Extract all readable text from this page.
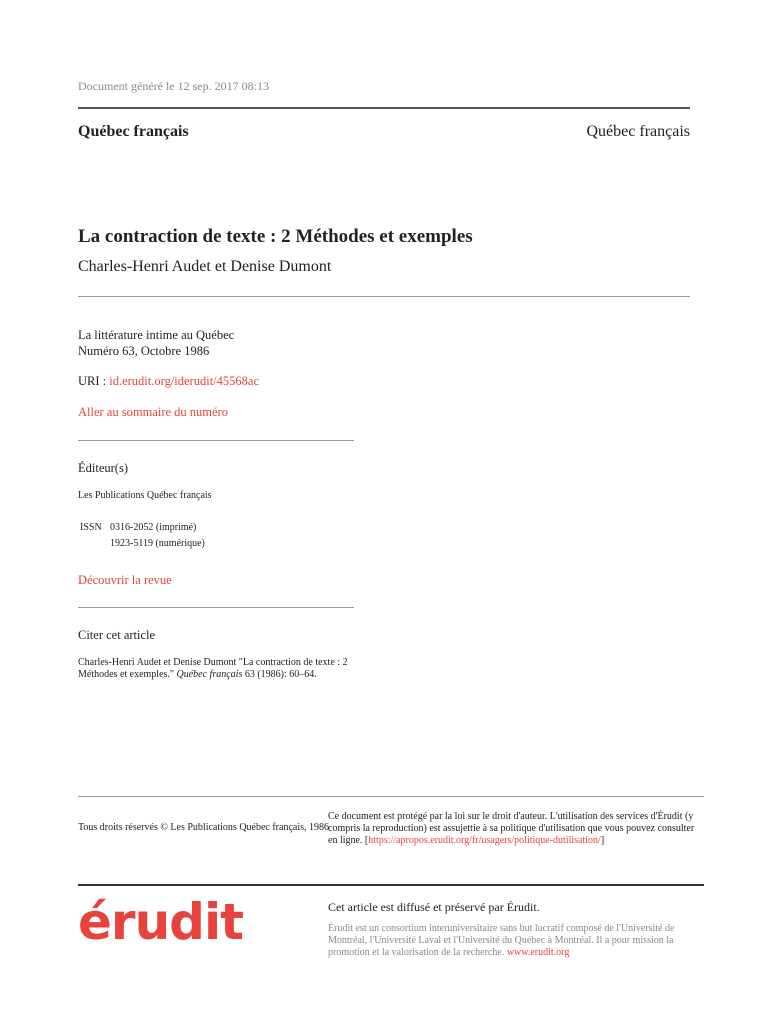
Document généré le 12 sep. 2017 08:13
Québec français	Québec français
La contraction de texte : 2 Méthodes et exemples
Charles-Henri Audet et Denise Dumont
La littérature intime au Québec
Numéro 63, Octobre 1986
URI : id.erudit.org/iderudit/45568ac
Aller au sommaire du numéro
Éditeur(s)
Les Publications Québec français
ISSN 0316-2052 (imprimé)
1923-5119 (numérique)
Découvrir la revue
Citer cet article
Charles-Henri Audet et Denise Dumont "La contraction de texte : 2 Méthodes et exemples." Québec français 63 (1986): 60–64.
Tous droits réservés © Les Publications Québec français, 1986
Ce document est protégé par la loi sur le droit d'auteur. L'utilisation des services d'Érudit (y compris la reproduction) est assujettie à sa politique d'utilisation que vous pouvez consulter en ligne. [https://apropos.erudit.org/fr/usagers/politique-dutilisation/]
érudit	Cet article est diffusé et préservé par Érudit.
Érudit est un consortium interuniversitaire sans but lucratif composé de l'Université de Montréal, l'Université Laval et l'Université du Québec à Montréal. Il a pour mission la promotion et la valorisation de la recherche. www.erudit.org
